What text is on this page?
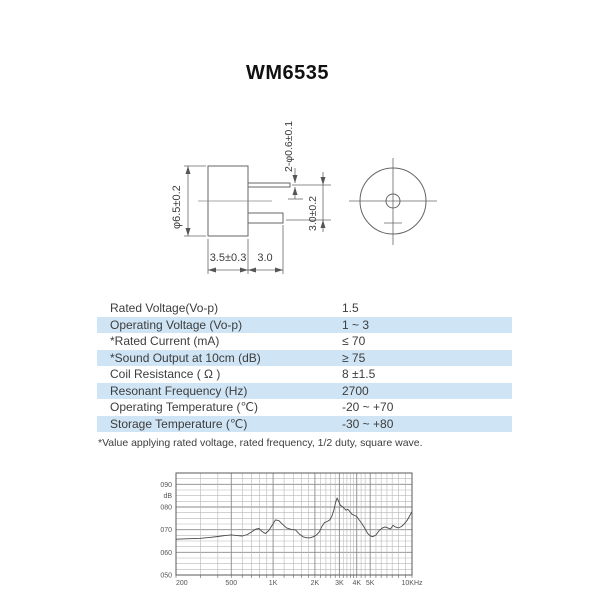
WM6535
φ6.5±0.2
2-φ0.6±0.1
3.0±0.2
3.5±0.3 3.0
Rated Voltage(Vo-p)	1.5
Operating Voltage (Vo-p)	1 ~ 3
*Rated Current (mA)	≤ 70
*Sound Output at 10cm (dB)	≥ 75
Coil Resistance ( Ω )	8 ±1.5
Resonant Frequency (Hz)	2700
Operating Temperature (℃)	-20 ~ +70
Storage Temperature (℃)	-30 ~ +80
*Value applying rated voltage, rated frequency, 1/2 duty, square wave.
090
080
070
060
050
dB
200	500	1K	2K 3K 4K 5K	10KHz
